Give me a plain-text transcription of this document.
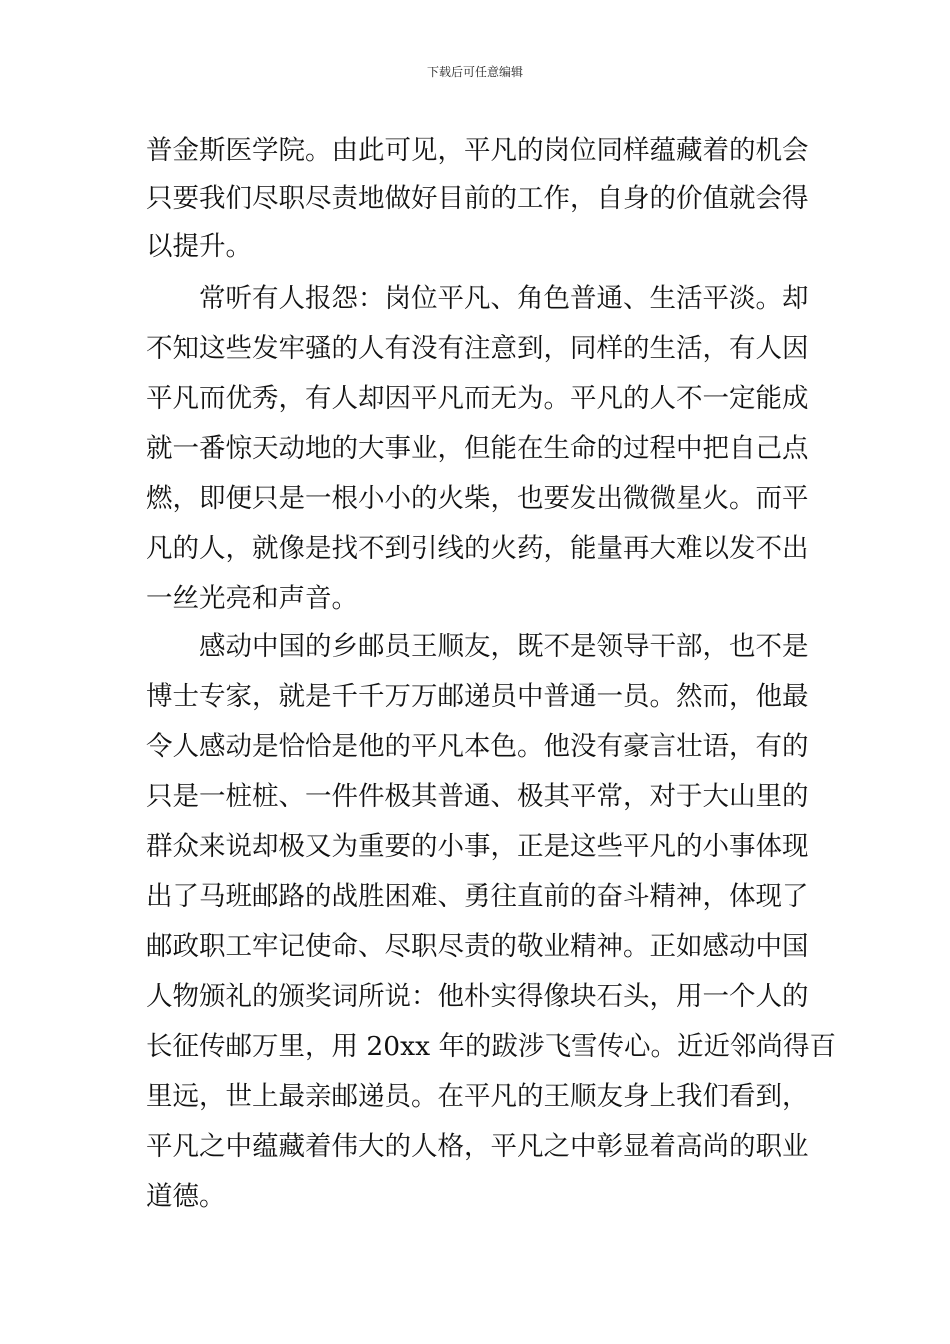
下载后可任意编辑
普金斯医学院。由此可见，平凡的岗位同样蕴藏着的机会
只要我们尽职尽责地做好目前的工作，自身的价值就会得
以提升。
　　常听有人报怨：岗位平凡、角色普通、生活平淡。却
不知这些发牢骚的人有没有注意到，同样的生活，有人因
平凡而优秀，有人却因平凡而无为。平凡的人不一定能成
就一番惊天动地的大事业，但能在生命的过程中把自己点
燃，即便只是一根小小的火柴，也要发出微微星火。而平
凡的人，就像是找不到引线的火药，能量再大难以发不出
一丝光亮和声音。
　　感动中国的乡邮员王顺友，既不是领导干部，也不是
博士专家，就是千千万万邮递员中普通一员。然而，他最
令人感动是恰恰是他的平凡本色。他没有豪言壮语，有的
只是一桩桩、一件件极其普通、极其平常，对于大山里的
群众来说却极又为重要的小事，正是这些平凡的小事体现
出了马班邮路的战胜困难、勇往直前的奋斗精神，体现了
邮政职工牢记使命、尽职尽责的敬业精神。正如感动中国
人物颁礼的颁奖词所说：他朴实得像块石头，用一个人的
长征传邮万里，用 20xx 年的跋涉飞雪传心。近近邻尚得百
里远，世上最亲邮递员。在平凡的王顺友身上我们看到，
平凡之中蕴藏着伟大的人格，平凡之中彰显着高尚的职业
道德。
